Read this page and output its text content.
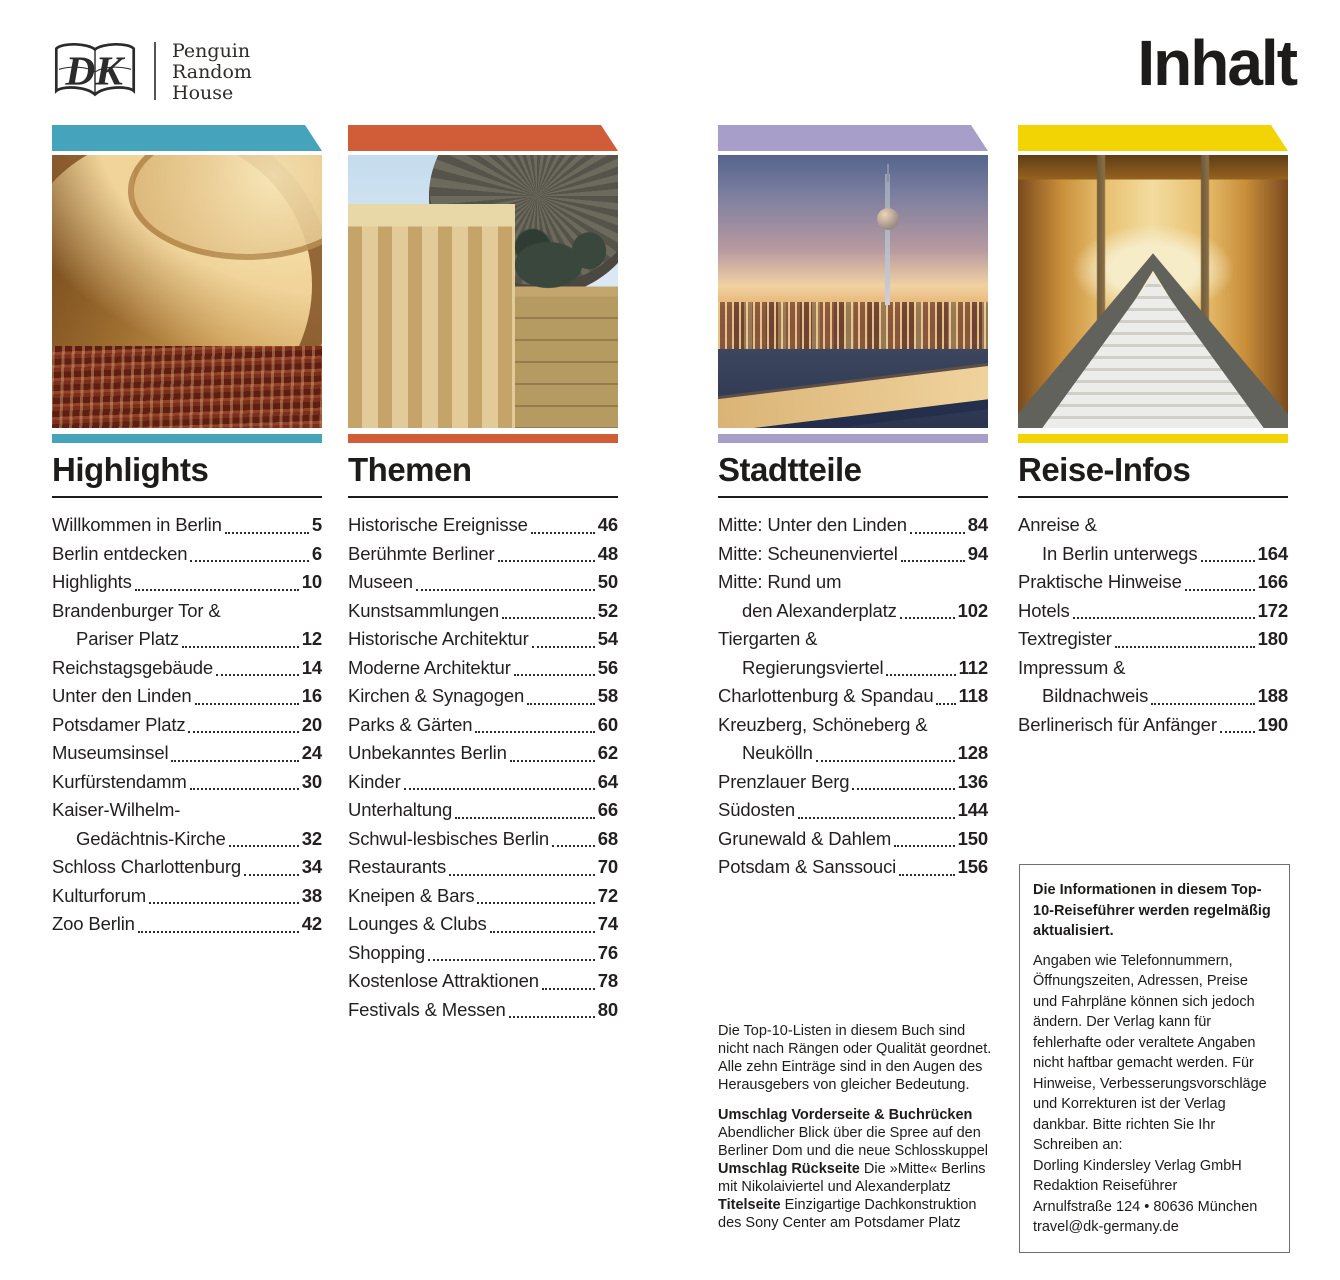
DK	Penguin
Random
House	Inhalt
Highlights
Willkommen in Berlin	5
Berlin entdecken	6
Highlights	10
Brandenburger Tor &
Pariser Platz	12
Reichstagsgebäude	14
Unter den Linden	16
Potsdamer Platz	20
Museumsinsel	24
Kurfürstendamm	30
Kaiser-Wilhelm-
Gedächtnis-Kirche	32
Schloss Charlottenburg	34
Kulturforum	38
Zoo Berlin	42
Themen
Historische Ereignisse	46
Berühmte Berliner	48
Museen	50
Kunstsammlungen	52
Historische Architektur	54
Moderne Architektur	56
Kirchen & Synagogen	58
Parks & Gärten	60
Unbekanntes Berlin	62
Kinder	64
Unterhaltung	66
Schwul-lesbisches Berlin	68
Restaurants	70
Kneipen & Bars	72
Lounges & Clubs	74
Shopping	76
Kostenlose Attraktionen	78
Festivals & Messen	80
Stadtteile
Mitte: Unter den Linden	84
Mitte: Scheunenviertel	94
Mitte: Rund um
den Alexanderplatz	102
Tiergarten &
Regierungsviertel	112
Charlottenburg & Spandau 118
Kreuzberg, Schöneberg &
Neukölln	128
Prenzlauer Berg	136
Südosten	144
Grunewald & Dahlem	150
Potsdam & Sanssouci	156
Reise-Infos
Anreise &
In Berlin unterwegs	164
Praktische Hinweise	166
Hotels	172
Textregister	180
Impressum &
Bildnachweis	188
Berlinerisch für Anfänger 190

Die Top-10-Listen in diesem Buch sind nicht nach Rängen oder Qualität geordnet. Alle zehn Einträge sind in den Augen des Herausgebers von gleicher Bedeutung.

Umschlag Vorderseite & Buchrücken Abendlicher Blick über die Spree auf den Berliner Dom und die neue Schlosskuppel Umschlag Rückseite Die »Mitte« Berlins mit Nikolaiviertel und Alexanderplatz Titelseite Einzigartige Dachkonstruktion des Sony Center am Potsdamer Platz

Die Informationen in diesem Top-10-Reiseführer werden regelmäßig aktualisiert.

Angaben wie Telefonnummern, Öffnungszeiten, Adressen, Preise und Fahrpläne können sich jedoch ändern. Der Verlag kann für fehlerhafte oder veraltete Angaben nicht haftbar gemacht werden. Für Hinweise, Verbesserungsvorschläge und Korrekturen ist der Verlag dankbar. Bitte richten Sie Ihr Schreiben an:

Dorling Kindersley Verlag GmbH
Redaktion Reiseführer
Arnulfstraße 124 • 80636 München
travel@dk-germany.de
